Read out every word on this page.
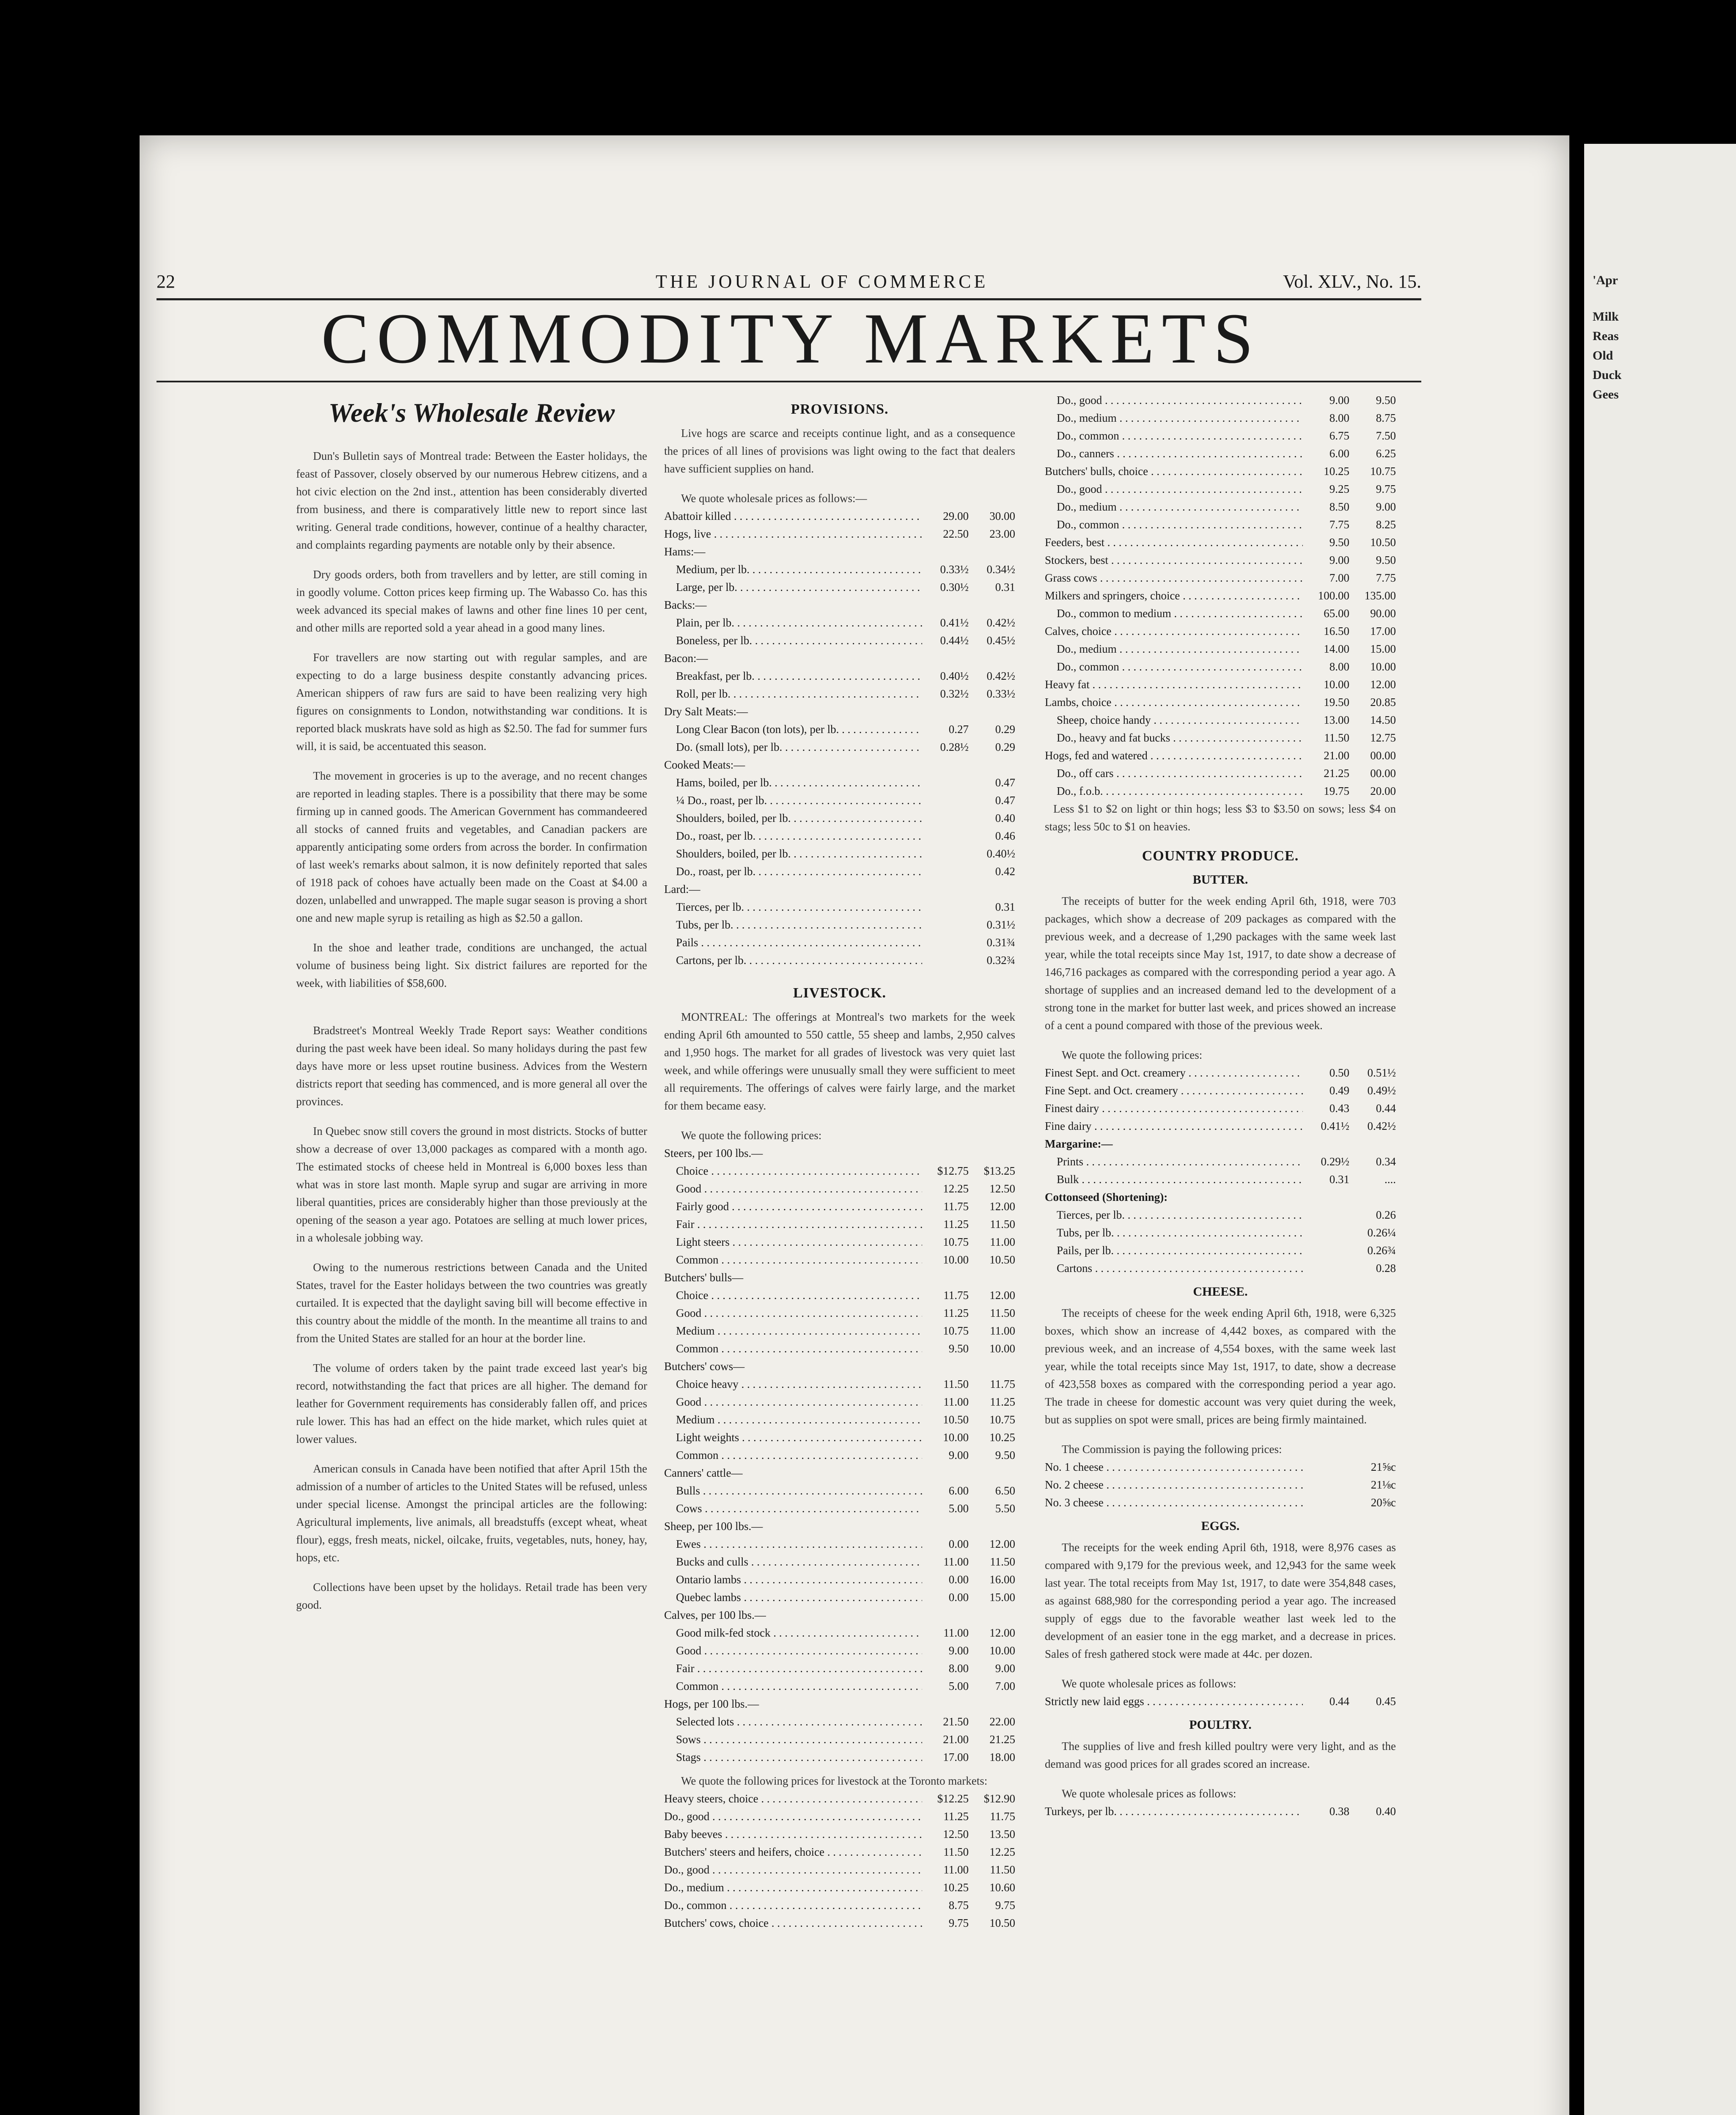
'Apr
Milk
Reas
Old
Duck
Gees
22	THE JOURNAL OF COMMERCE	Vol. XLV., No. 15.
COMMODITY MARKETS
Week's Wholesale Review

Dun's Bulletin says of Montreal trade: Between the Easter holidays, the feast of Passover, closely observed by our numerous Hebrew citizens, and a hot civic election on the 2nd inst., attention has been considerably diverted from business, and there is comparatively little new to report since last writing. General trade conditions, however, continue of a healthy character, and complaints regarding payments are notable only by their absence.

Dry goods orders, both from travellers and by letter, are still coming in in goodly volume. Cotton prices keep firming up. The Wabasso Co. has this week advanced its special makes of lawns and other fine lines 10 per cent, and other mills are reported sold a year ahead in a good many lines.

For travellers are now starting out with regular samples, and are expecting to do a large business despite constantly advancing prices. American shippers of raw furs are said to have been realizing very high figures on consignments to London, notwithstanding war conditions. It is reported black muskrats have sold as high as $2.50. The fad for summer furs will, it is said, be accentuated this season.

The movement in groceries is up to the average, and no recent changes are reported in leading staples. There is a possibility that there may be some firming up in canned goods. The American Government has commandeered all stocks of canned fruits and vegetables, and Canadian packers are apparently anticipating some orders from across the border. In confirmation of last week's remarks about salmon, it is now definitely reported that sales of 1918 pack of cohoes have actually been made on the Coast at $4.00 a dozen, unlabelled and unwrapped. The maple sugar season is proving a short one and new maple syrup is retailing as high as $2.50 a gallon.

In the shoe and leather trade, conditions are unchanged, the actual volume of business being light. Six district failures are reported for the week, with liabilities of $58,600.

Bradstreet's Montreal Weekly Trade Report says: Weather conditions during the past week have been ideal. So many holidays during the past few days have more or less upset routine business. Advices from the Western districts report that seeding has commenced, and is more general all over the provinces.

In Quebec snow still covers the ground in most districts. Stocks of butter show a decrease of over 13,000 packages as compared with a month ago. The estimated stocks of cheese held in Montreal is 6,000 boxes less than what was in store last month. Maple syrup and sugar are arriving in more liberal quantities, prices are considerably higher than those previously at the opening of the season a year ago. Potatoes are selling at much lower prices, in a wholesale jobbing way.

Owing to the numerous restrictions between Canada and the United States, travel for the Easter holidays between the two countries was greatly curtailed. It is expected that the daylight saving bill will become effective in this country about the middle of the month. In the meantime all trains to and from the United States are stalled for an hour at the border line.

The volume of orders taken by the paint trade exceed last year's big record, notwithstanding the fact that prices are all higher. The demand for leather for Government requirements has considerably fallen off, and prices rule lower. This has had an effect on the hide market, which rules quiet at lower values.

American consuls in Canada have been notified that after April 15th the admission of a number of articles to the United States will be refused, unless under special license. Amongst the principal articles are the following: Agricultural implements, live animals, all breadstuffs (except wheat, wheat flour), eggs, fresh meats, nickel, oilcake, fruits, vegetables, nuts, honey, hay, hops, etc.

Collections have been upset by the holidays. Retail trade has been very good.

PROVISIONS.

Live hogs are scarce and receipts continue light, and as a consequence the prices of all lines of provisions was light owing to the fact that dealers have sufficient supplies on hand.

We quote wholesale prices as follows:—

Abattoir killed . . .	29.00	30.00
Hogs, live . . .	22.50	23.00
Hams:—
Medium, per lb. . . .	0.33½	0.34½
Large, per lb. . . .	0.30½	0.31
Backs:—
Plain, per lb. . . .	0.41½	0.42½
Boneless, per lb. . . .	0.44½	0.45½
Bacon:—
Breakfast, per lb. . . .	0.40½	0.42½
Roll, per lb. . . .	0.32½	0.33½
Dry Salt Meats:—
Long Clear Bacon (ton lots), per lb. . . .	0.27	0.29
Do. (small lots), per lb. . . .	0.28½	0.29
Cooked Meats:—
Hams, boiled, per lb. . . .	0.47
¼ Do., roast, per lb. . . .	0.47
Shoulders, boiled, per lb. . . .	0.40
Do., roast, per lb. . . .	0.46
Shoulders, boiled, per lb. . . .	0.40½
Do., roast, per lb. . . .	0.42
Lard:—
Tierces, per lb. . . .	0.31
Tubs, per lb. . . .	0.31½
Pails . . .	0.31¾
Cartons, per lb. . . .	0.32¾
LIVESTOCK.

MONTREAL: The offerings at Montreal's two markets for the week ending April 6th amounted to 550 cattle, 55 sheep and lambs, 2,950 calves and 1,950 hogs. The market for all grades of livestock was very quiet last week, and while offerings were unusually small they were sufficient to meet all requirements. The offerings of calves were fairly large, and the market for them became easy.

We quote the following prices:

Steers, per 100 lbs.—
Choice . . .	$12.75	$13.25
Good . . .	12.25	12.50
Fairly good . . .	11.75	12.00
Fair . . .	11.25	11.50
Light steers . . .	10.75	11.00
Common . . .	10.00	10.50
Butchers' bulls—
Choice . . .	11.75	12.00
Good . . .	11.25	11.50
Medium . . .	10.75	11.00
Common . . .	9.50	10.00
Butchers' cows—
Choice heavy . . .	11.50	11.75
Good . . .	11.00	11.25
Medium . . .	10.50	10.75
Light weights . . .	10.00	10.25
Common . . .	9.00	9.50
Canners' cattle—
Bulls . . .	6.00	6.50
Cows . . .	5.00	5.50
Sheep, per 100 lbs.—
Ewes . . .	0.00	12.00
Bucks and culls . . .	11.00	11.50
Ontario lambs . . .	0.00	16.00
Quebec lambs . . .	0.00	15.00
Calves, per 100 lbs.—
Good milk-fed stock . . .	11.00	12.00
Good . . .	9.00	10.00
Fair . . .	8.00	9.00
Common . . .	5.00	7.00
Hogs, per 100 lbs.—
Selected lots . . .	21.50	22.00
Sows . . .	21.00	21.25
Stags . . .	17.00	18.00

We quote the following prices for livestock at the Toronto markets:

Heavy steers, choice . . .	$12.25	$12.90
Do., good . . .	11.25	11.75
Baby beeves . . .	12.50	13.50
Butchers' steers and heifers, choice . . .	11.50	12.25
Do., good . . .	11.00	11.50
Do., medium . . .	10.25	10.60
Do., common . . .	8.75	9.75
Butchers' cows, choice . . .	9.75	10.50
Do., good . . .	9.00	9.50
Do., medium . . .	8.00	8.75
Do., common . . .	6.75	7.50
Do., canners . . .	6.00	6.25
Butchers' bulls, choice . . .	10.25	10.75
Do., good . . .	9.25	9.75
Do., medium . . .	8.50	9.00
Do., common . . .	7.75	8.25
Feeders, best . . .	9.50	10.50
Stockers, best . . .	9.00	9.50
Grass cows . . .	7.00	7.75
Milkers and springers, choice . . .	100.00	135.00
Do., common to medium . . .	65.00	90.00
Calves, choice . . .	16.50	17.00
Do., medium . . .	14.00	15.00
Do., common . . .	8.00	10.00
Heavy fat . . .	10.00	12.00
Lambs, choice . . .	19.50	20.85
Sheep, choice handy . . .	13.00	14.50
Do., heavy and fat bucks . . .	11.50	12.75
Hogs, fed and watered . . .	21.00	00.00
Do., off cars . . .	21.25	00.00
Do., f.o.b. . . .	19.75	20.00

Less $1 to $2 on light or thin hogs; less $3 to $3.50 on sows; less $4 on stags; less 50c to $1 on heavies.

COUNTRY PRODUCE.
BUTTER.

The receipts of butter for the week ending April 6th, 1918, were 703 packages, which show a decrease of 209 packages as compared with the previous week, and a decrease of 1,290 packages with the same week last year, while the total receipts since May 1st, 1917, to date show a decrease of 146,716 packages as compared with the corresponding period a year ago. A shortage of supplies and an increased demand led to the development of a strong tone in the market for butter last week, and prices showed an increase of a cent a pound compared with those of the previous week.

We quote the following prices:

Finest Sept. and Oct. creamery . . .	0.50	0.51½
Fine Sept. and Oct. creamery . . .	0.49	0.49½
Finest dairy . . .	0.43	0.44
Fine dairy . . .	0.41½	0.42½
Margarine:—
Prints . . .	0.29½	0.34
Bulk . . .	0.31	....
Cottonseed (Shortening):
Tierces, per lb. . . .	0.26
Tubs, per lb. . . .	0.26¼
Pails, per lb. . . .	0.26¾
Cartons . . .	0.28
CHEESE.

The receipts of cheese for the week ending April 6th, 1918, were 6,325 boxes, which show an increase of 4,442 boxes, as compared with the previous week, and an increase of 4,554 boxes, with the same week last year, while the total receipts since May 1st, 1917, to date, show a decrease of 423,558 boxes as compared with the corresponding period a year ago. The trade in cheese for domestic account was very quiet during the week, but as supplies on spot were small, prices are being firmly maintained.

The Commission is paying the following prices:

No. 1 cheese . . .	21⅝c
No. 2 cheese . . .	21⅛c
No. 3 cheese . . .	20⅝c
EGGS.

The receipts for the week ending April 6th, 1918, were 8,976 cases as compared with 9,179 for the previous week, and 12,943 for the same week last year. The total receipts from May 1st, 1917, to date were 354,848 cases, as against 688,980 for the corresponding period a year ago. The increased supply of eggs due to the favorable weather last week led to the development of an easier tone in the egg market, and a decrease in prices. Sales of fresh gathered stock were made at 44c. per dozen.

We quote wholesale prices as follows:

Strictly new laid eggs . . .	0.44	0.45
POULTRY.

The supplies of live and fresh killed poultry were very light, and as the demand was good prices for all grades scored an increase.

We quote wholesale prices as follows:

Turkeys, per lb. . . .	0.38	0.40
